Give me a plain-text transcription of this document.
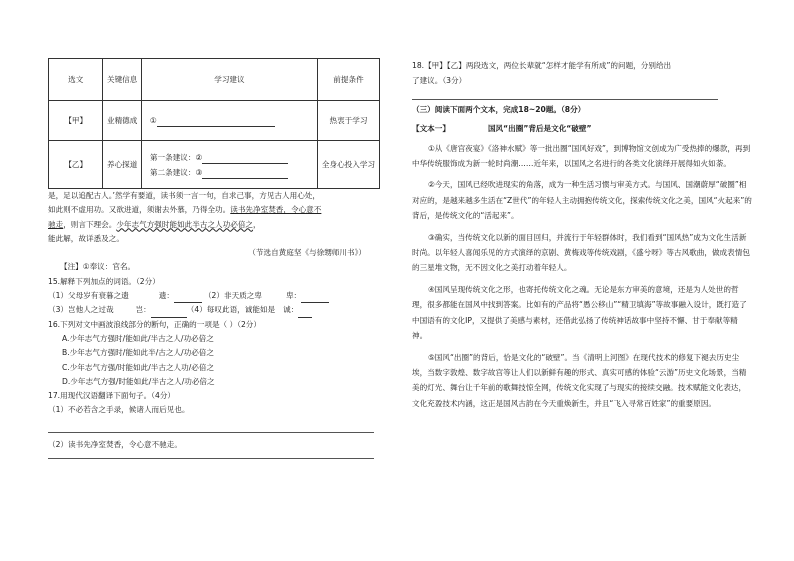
选文	关键信息	学习建议	前提条件
【甲】	业精德成	①	热衷于学习
【乙】	养心探道	第一条建议：②
第二条建议：③	全身心投入学习

是，足以追配古人。’然学有要道，读书须一言一句，自求己事，方见古人用心处，

如此则不虚用功。又欲进道，须谢去外慕，乃得全功。读书先净室焚香，令心意不

驰走，则言下理会。少年志气方强时能如此半古之人功必倍之，

能此解，故详悉及之。

（节选自黄庭坚《与徐甥师川书》）

【注】①奉议：官名。

15.解释下列加点的词语。（2分）

（1）父母岁有衰暮之遗	遗：	（2）非天质之卑	卑：

（3）岂他人之过哉	岂：	（4）每叹此语，诚能如是 诚：

16.下列对文中画波浪线部分的断句，正确的一项是（ ）（2分）

A.少年志气方强时/能如此/半古之人/功必倍之

B.少年志气方强时/能如此半/古之人/功必倍之

C.少年志气方强/时能如此/半古之人功/必倍之

D.少年志气方强/时能如此/半古之人/功必倍之

17.用现代汉语翻译下面句子。（4分）

（1）不必若含之手录，候诸人而后见也。

（2）读书先净室焚香，令心意不驰走。

18.【甲】【乙】两段选文，两位长辈就“怎样才能学有所成”的问题，分别给出

了建议。（3分）

（三）阅读下面两个文本，完成18~20题。（8分）

【文本一】	国风“出圈”背后是文化“破壁”

①从《唐宫夜宴》《洛神水赋》等一批出圈“国风好戏”，到博物馆文创成为广受热捧的爆款，再到中华传统服饰成为新一轮时尚潮……近年来，以国风之名进行的各类文化演绎开展得如火如荼。

②今天，国风已经吹进现实的角落，成为一种生活习惯与审美方式。与国风、国潮蔚厚“破圈”相对应的，是越来越多生活在“Z世代”的年轻人主动拥抱传统文化，探索传统文化之美，国风“火起来”的背后，是传统文化的“活起来”。

③确实，当传统文化以新的面目回归，并流行于年轻群体时，我们看到“国风热”成为文化生活新时尚。以年轻人喜闻乐见的方式演绎的京剧、黄梅戏等传统戏剧，《盛兮呀》等古风歌曲，做成表情包的三星堆文物，无不因文化之美打动着年轻人。

④国风呈现传统文化之形，也寄托传统文化之魂。无论是东方审美的意境，还是为人处世的哲理，很多都能在国风中找到答案。比如有的产品将“愚公移山”“精卫填海”等故事融入设计，既打造了中国语有的文化IP，又提供了美感与素材，还借此弘扬了传统神话故事中坚持不懈、甘于奉献等精神。

⑤国风“出圈”的背后，恰是文化的“破壁”。当《清明上河图》在现代技术的修复下褪去历史尘埃，当数字敦煌、数字故宫等让人们以新鲜有趣的形式、真实可感的体验“云游”历史文化场景，当精美的灯光、舞台让千年前的歌舞技惊全网，传统文化实现了与现实的接续交融。技术赋能文化表达，文化充盈技术内涵，这正是国风古韵在今天重焕新生，并且“飞入寻常百姓家”的重要原因。
